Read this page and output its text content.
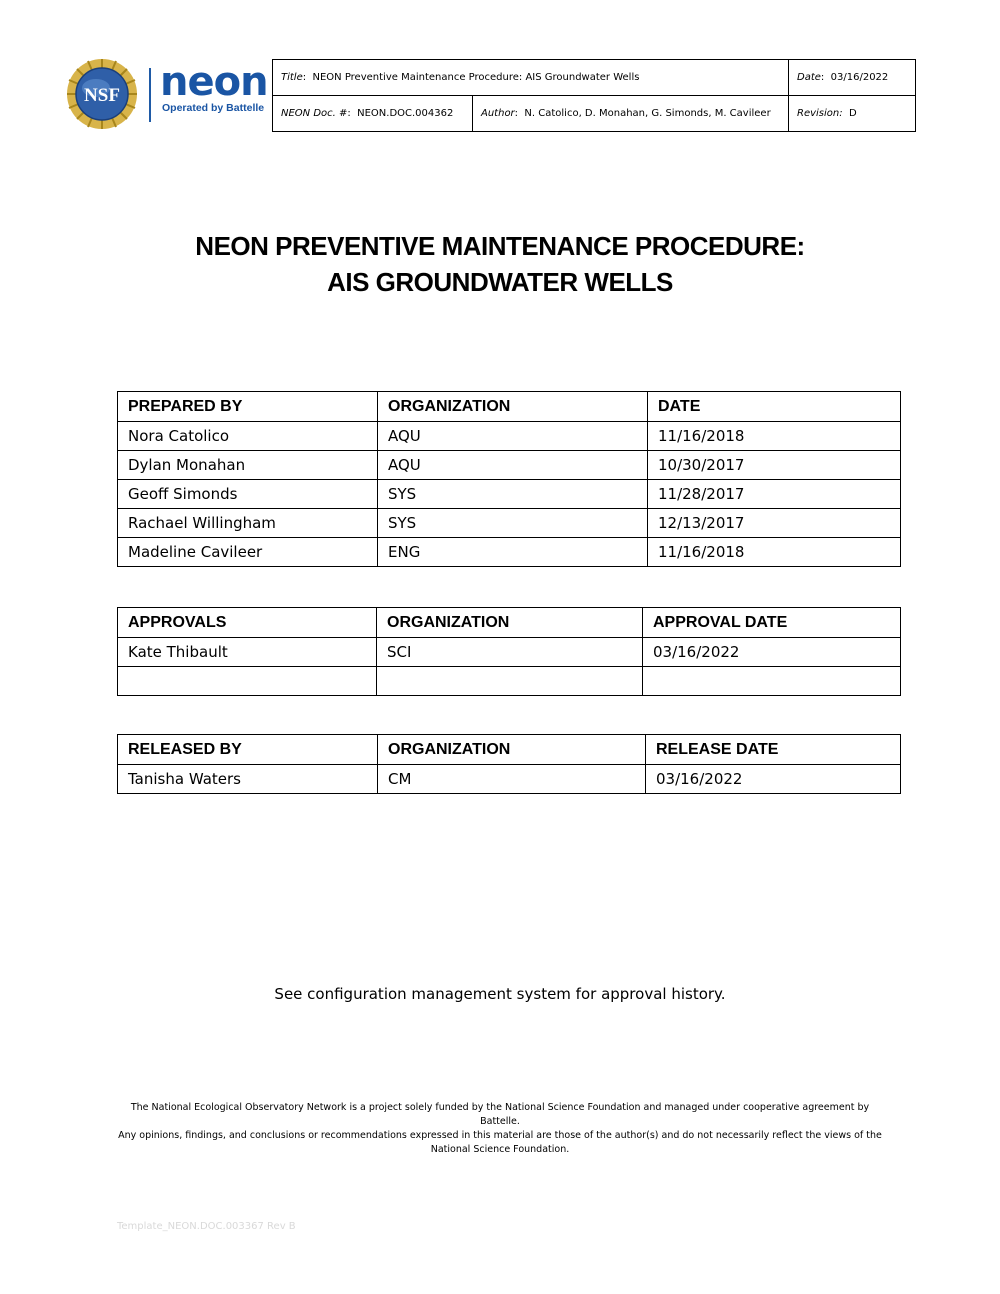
NSF neon
Operated by Battelle
Title:  NEON Preventive Maintenance Procedure: AIS Groundwater Wells		Date:  03/16/2022
NEON Doc. #:  NEON.DOC.004362	Author:  N. Catolico, D. Monahan, G. Simonds, M. Cavileer	Revision: D
NEON PREVENTIVE MAINTENANCE PROCEDURE:
AIS GROUNDWATER WELLS
PREPARED BY	ORGANIZATION	DATE
Nora Catolico	AQU	11/16/2018
Dylan Monahan	AQU	10/30/2017
Geoff Simonds	SYS	11/28/2017
Rachael Willingham	SYS	12/13/2017
Madeline Cavileer	ENG	11/16/2018
APPROVALS	ORGANIZATION	APPROVAL DATE
Kate Thibault	SCI	03/16/2022

RELEASED BY	ORGANIZATION	RELEASE DATE
Tanisha Waters	CM	03/16/2022
See configuration management system for approval history.
The National Ecological Observatory Network is a project solely funded by the National Science Foundation and managed under cooperative agreement by Battelle.
Any opinions, findings, and conclusions or recommendations expressed in this material are those of the author(s) and do not necessarily reflect the views of the
National Science Foundation.
Template_NEON.DOC.003367 Rev B
